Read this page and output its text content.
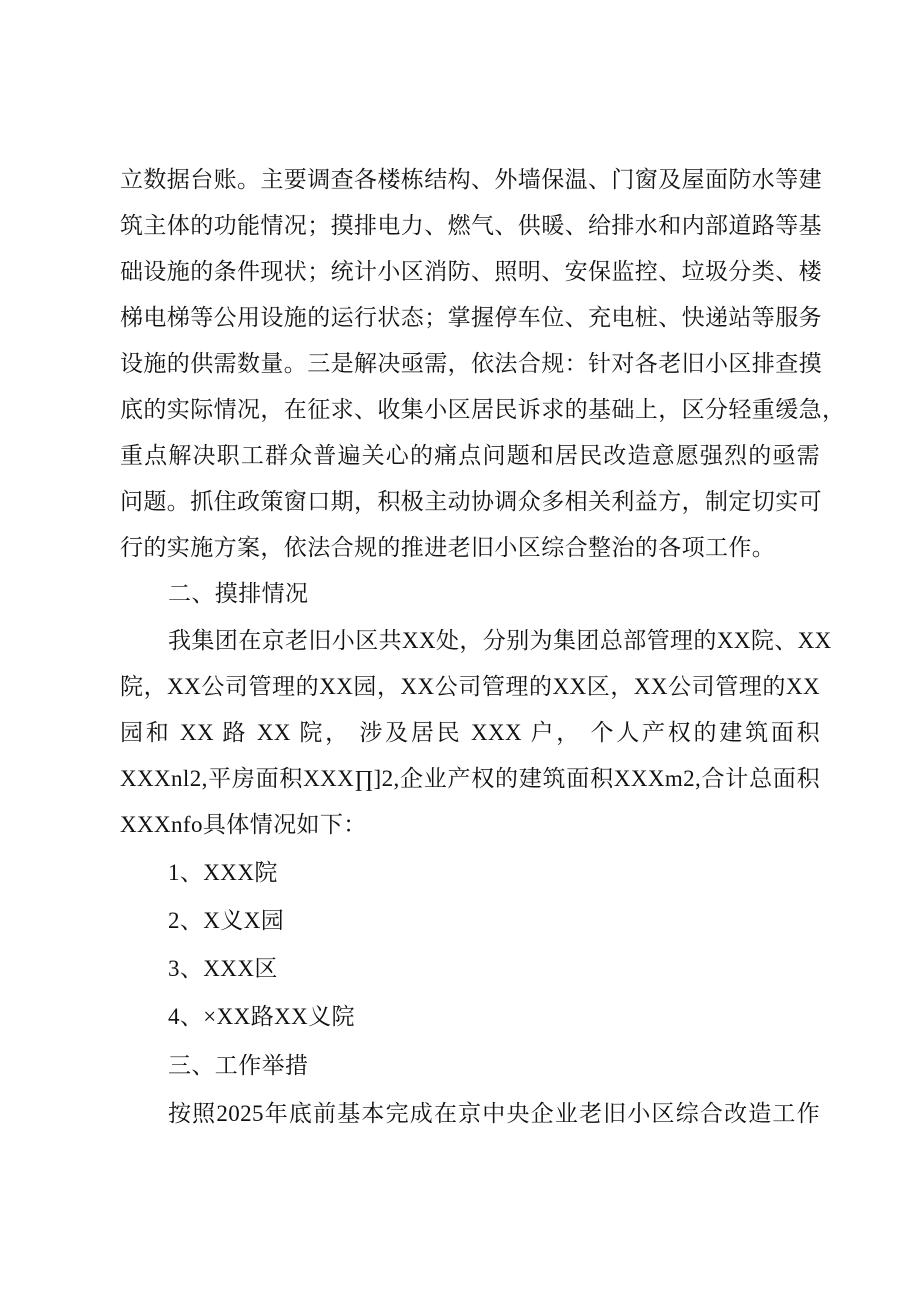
立数据台账。主要调查各楼栋结构、外墙保温、门窗及屋面防水等建
筑主体的功能情况；摸排电力、燃气、供暖、给排水和内部道路等基
础设施的条件现状；统计小区消防、照明、安保监控、垃圾分类、楼
梯电梯等公用设施的运行状态；掌握停车位、充电桩、快递站等服务
设施的供需数量。三是解决亟需，依法合规：针对各老旧小区排查摸
底的实际情况，在征求、收集小区居民诉求的基础上，区分轻重缓急，
重点解决职工群众普遍关心的痛点问题和居民改造意愿强烈的亟需
问题。抓住政策窗口期，积极主动协调众多相关利益方，制定切实可
行的实施方案，依法合规的推进老旧小区综合整治的各项工作。
二、摸排情况
我集团在京老旧小区共XX处，分别为集团总部管理的XX院、XX
院，XX公司管理的XX园，XX公司管理的XX区，XX公司管理的XX
园和 XX 路 XX 院， 涉及居民 XXX 户， 个人产权的建筑面积
XXXnl2,平房面积XXX∏]2,企业产权的建筑面积XXXm2,合计总面积
XXXnfo具体情况如下：
1、XXX院
2、X义X园
3、XXX区
4、×XX路XX义院
三、工作举措
按照2025年底前基本完成在京中央企业老旧小区综合改造工作
